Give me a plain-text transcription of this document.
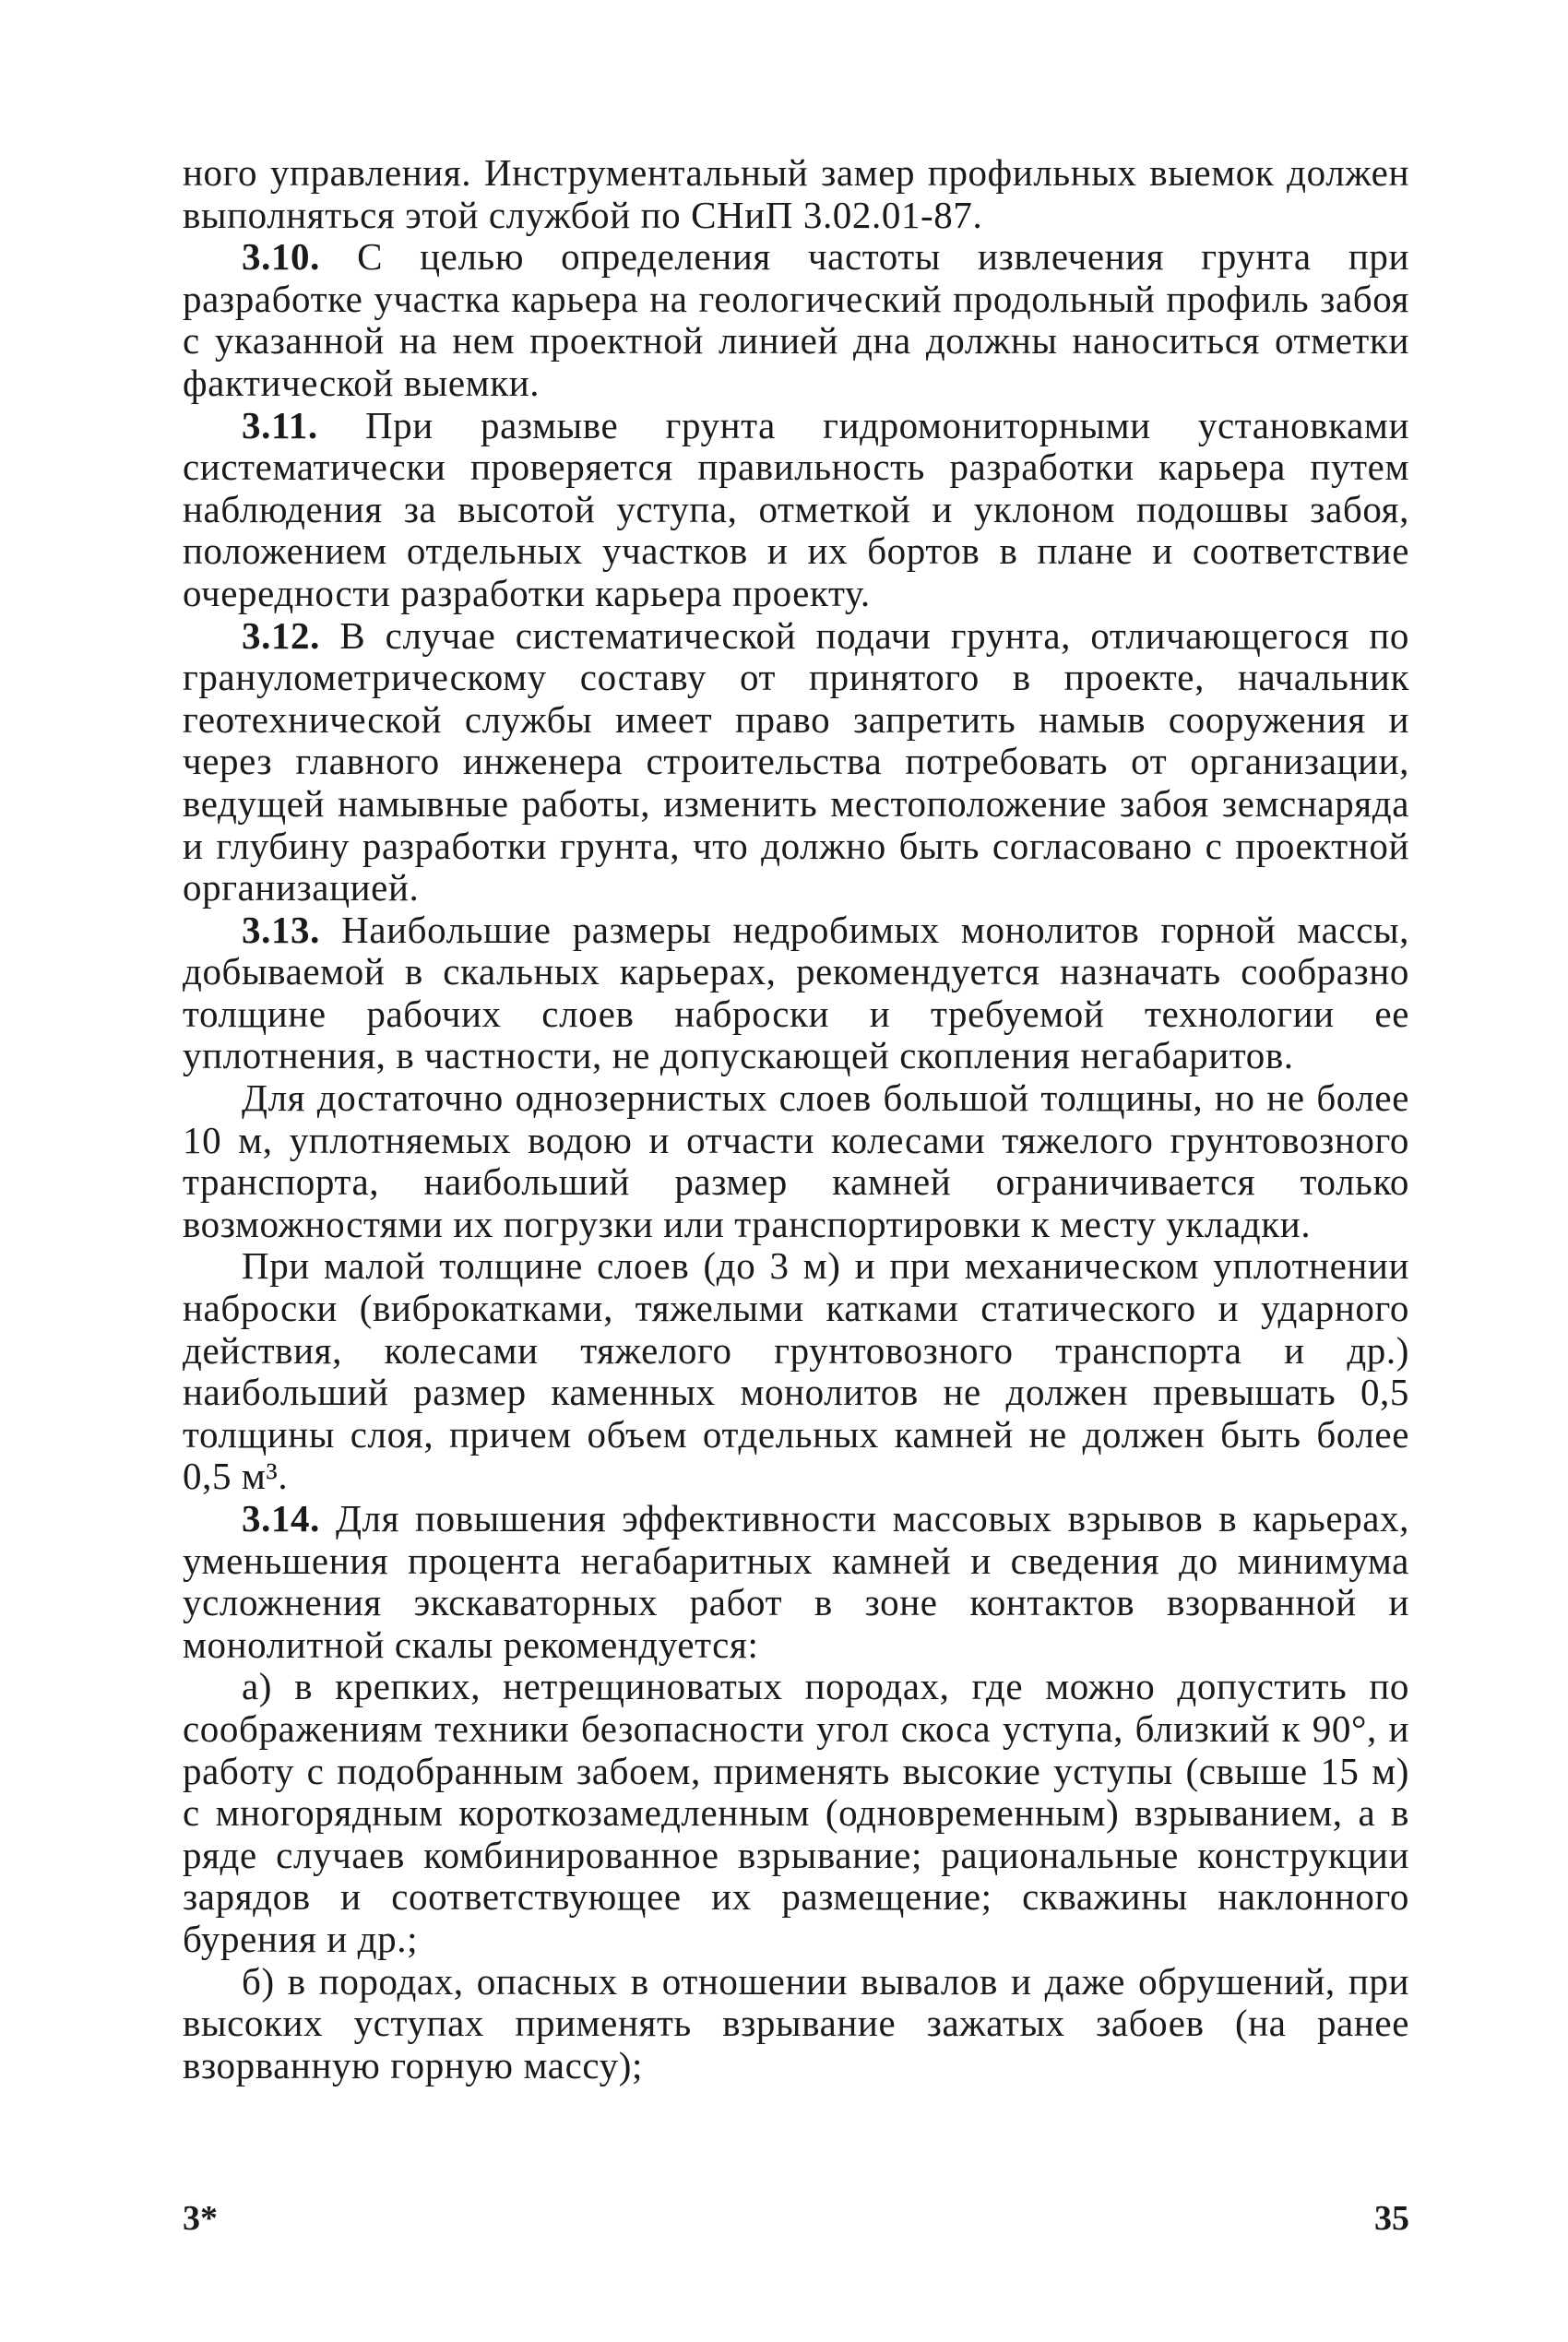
ного управления. Инструментальный замер профильных выемок должен выполняться этой службой по СНиП 3.02.01-87.

3.10. С целью определения частоты извлечения грунта при разработке участка карьера на геологический продольный профиль забоя с указанной на нем проектной линией дна должны наноситься отметки фактической выемки.

3.11. При размыве грунта гидромониторными установками систематически проверяется правильность разработки карьера путем наблюдения за высотой уступа, отметкой и уклоном подошвы забоя, положением отдельных участков и их бортов в плане и соответствие очередности разработки карьера проекту.

3.12. В случае систематической подачи грунта, отличающегося по гранулометрическому составу от принятого в проекте, начальник геотехнической службы имеет право запретить намыв сооружения и через главного инженера строительства потребовать от организации, ведущей намывные работы, изменить местоположение забоя земснаряда и глубину разработки грунта, что должно быть согласовано с проектной организацией.

3.13. Наибольшие размеры недробимых монолитов горной массы, добываемой в скальных карьерах, рекомендуется назначать сообразно толщине рабочих слоев наброски и требуемой технологии ее уплотнения, в частности, не допускающей скопления негабаритов.

Для достаточно однозернистых слоев большой толщины, но не более 10 м, уплотняемых водою и отчасти колесами тяжелого грунтовозного транспорта, наибольший размер камней ограничивается только возможностями их погрузки или транспортировки к месту укладки.

При малой толщине слоев (до 3 м) и при механическом уплотнении наброски (виброкатками, тяжелыми катками статического и ударного действия, колесами тяжелого грунтовозного транспорта и др.) наибольший размер каменных монолитов не должен превышать 0,5 толщины слоя, причем объем отдельных камней не должен быть более 0,5 м³.

3.14. Для повышения эффективности массовых взрывов в карьерах, уменьшения процента негабаритных камней и сведения до минимума усложнения экскаваторных работ в зоне контактов взорванной и монолитной скалы рекомендуется:

а) в крепких, нетрещиноватых породах, где можно допустить по соображениям техники безопасности угол скоса уступа, близкий к 90°, и работу с подобранным забоем, применять высокие уступы (свыше 15 м) с многорядным короткозамедленным (одновременным) взрыванием, а в ряде случаев комбинированное взрывание; рациональные конструкции зарядов и соответствующее их размещение; скважины наклонного бурения и др.;

б) в породах, опасных в отношении вывалов и даже обрушений, при высоких уступах применять взрывание зажатых забоев (на ранее взорванную горную массу);

3*	35
